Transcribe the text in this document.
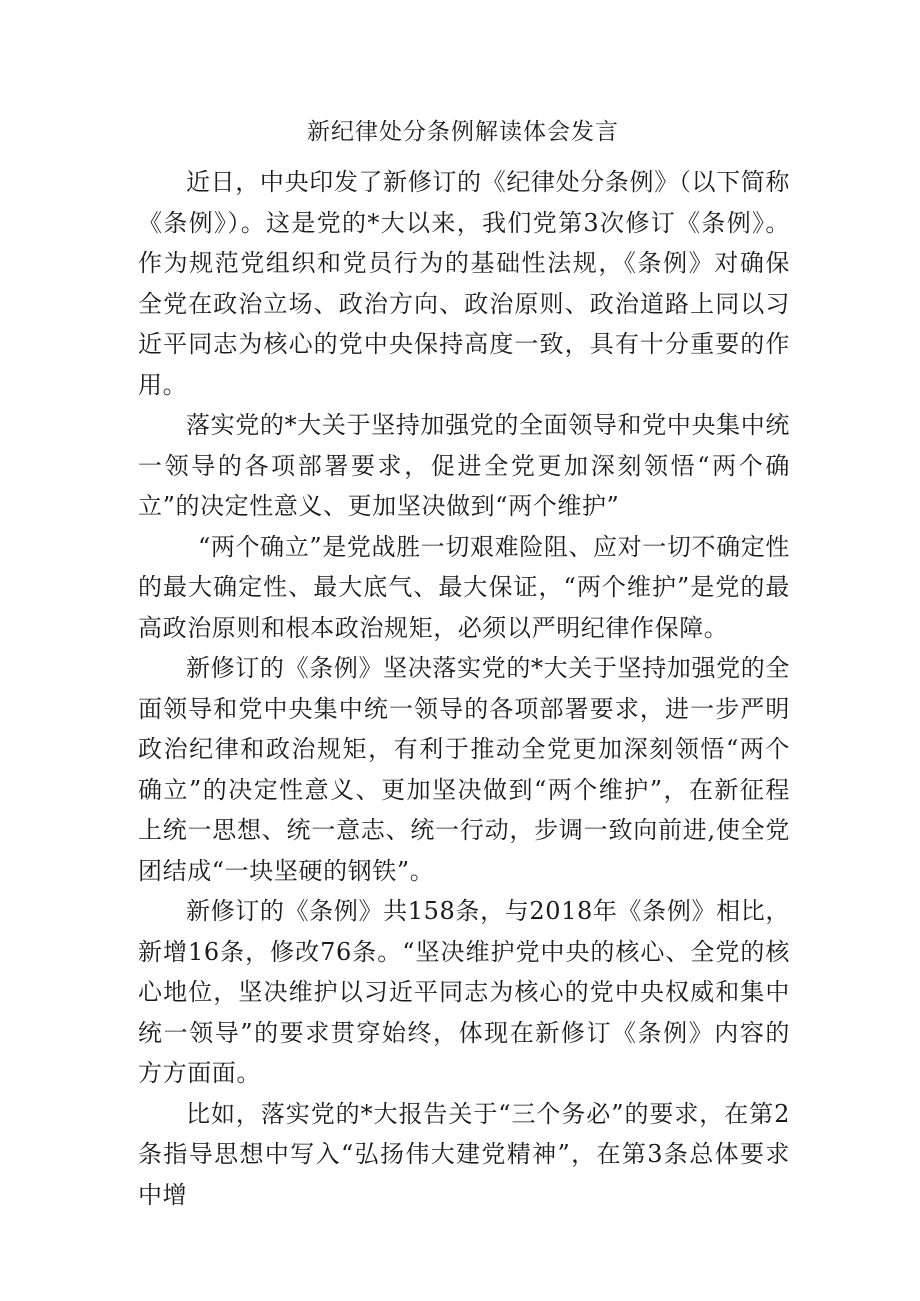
新纪律处分条例解读体会发言

近日，中央印发了新修订的《纪律处分条例》（以下简称《条例》）。这是党的*大以来，我们党第3次修订《条例》。作为规范党组织和党员行为的基础性法规，《条例》对确保全党在政治立场、政治方向、政治原则、政治道路上同以习近平同志为核心的党中央保持高度一致，具有十分重要的作用。

落实党的*大关于坚持加强党的全面领导和党中央集中统一领导的各项部署要求，促进全党更加深刻领悟“两个确立”的决定性意义、更加坚决做到“两个维护”

“两个确立”是党战胜一切艰难险阻、应对一切不确定性的最大确定性、最大底气、最大保证，“两个维护”是党的最高政治原则和根本政治规矩，必须以严明纪律作保障。

新修订的《条例》坚决落实党的*大关于坚持加强党的全面领导和党中央集中统一领导的各项部署要求，进一步严明政治纪律和政治规矩，有利于推动全党更加深刻领悟“两个确立”的决定性意义、更加坚决做到“两个维护”，在新征程上统一思想、统一意志、统一行动，步调一致向前进,使全党团结成“一块坚硬的钢铁”。

新修订的《条例》共158条，与2018年《条例》相比，新增16条，修改76条。“坚决维护党中央的核心、全党的核心地位，坚决维护以习近平同志为核心的党中央权威和集中统一领导”的要求贯穿始终，体现在新修订《条例》内容的方方面面。

比如，落实党的*大报告关于“三个务必”的要求，在第2条指导思想中写入“弘扬伟大建党精神”，在第3条总体要求中增
